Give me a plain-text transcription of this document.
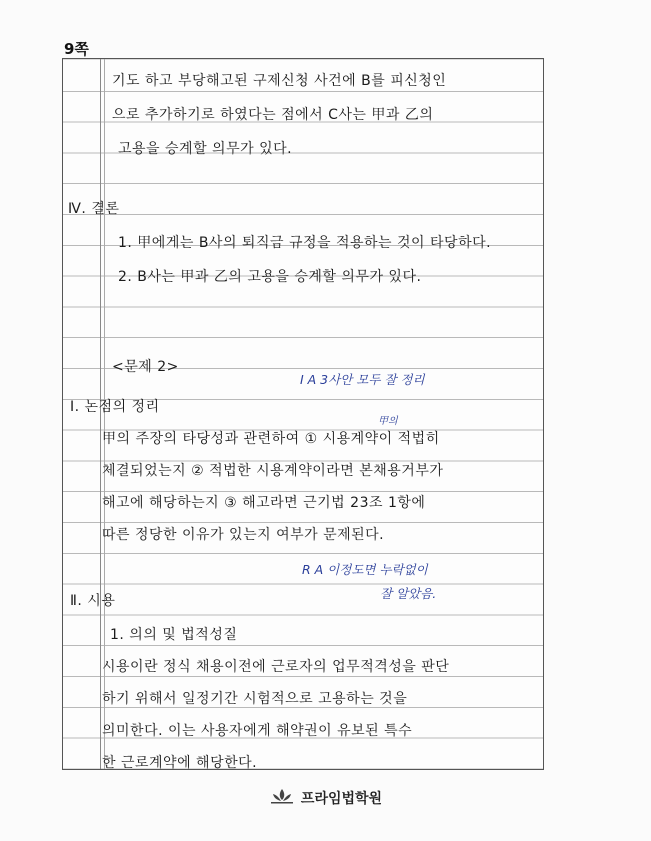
9쪽
기도 하고 부당해고된 구제신청 사건에 B를 피신청인
으로 추가하기로 하였다는 점에서 C사는 甲과 乙의
고용을 승계할 의무가 있다.
Ⅳ. 결론
1. 甲에게는 B사의 퇴직금 규정을 적용하는 것이 타당하다.
2. B사는 甲과 乙의 고용을 승계할 의무가 있다.
<문제 2>
Ⅰ. 논점의 정리
甲의 주장의 타당성과 관련하여 ① 시용계약이 적법히
체결되었는지 ② 적법한 시용계약이라면 본채용거부가
해고에 해당하는지 ③ 해고라면 근기법 23조 1항에
따른 정당한 이유가 있는지 여부가 문제된다.
Ⅱ. 시용
1. 의의 및 법적성질
시용이란 정식 채용이전에 근로자의 업무적격성을 판단
하기 위해서 일정기간 시험적으로 고용하는 것을
의미한다. 이는 사용자에게 해약권이 유보된 특수
한 근로계약에 해당한다.
甲의
I A 3사안 모두 잘 정리
R A 이정도면 누락없이
잘 알았음.
프라임법학원
